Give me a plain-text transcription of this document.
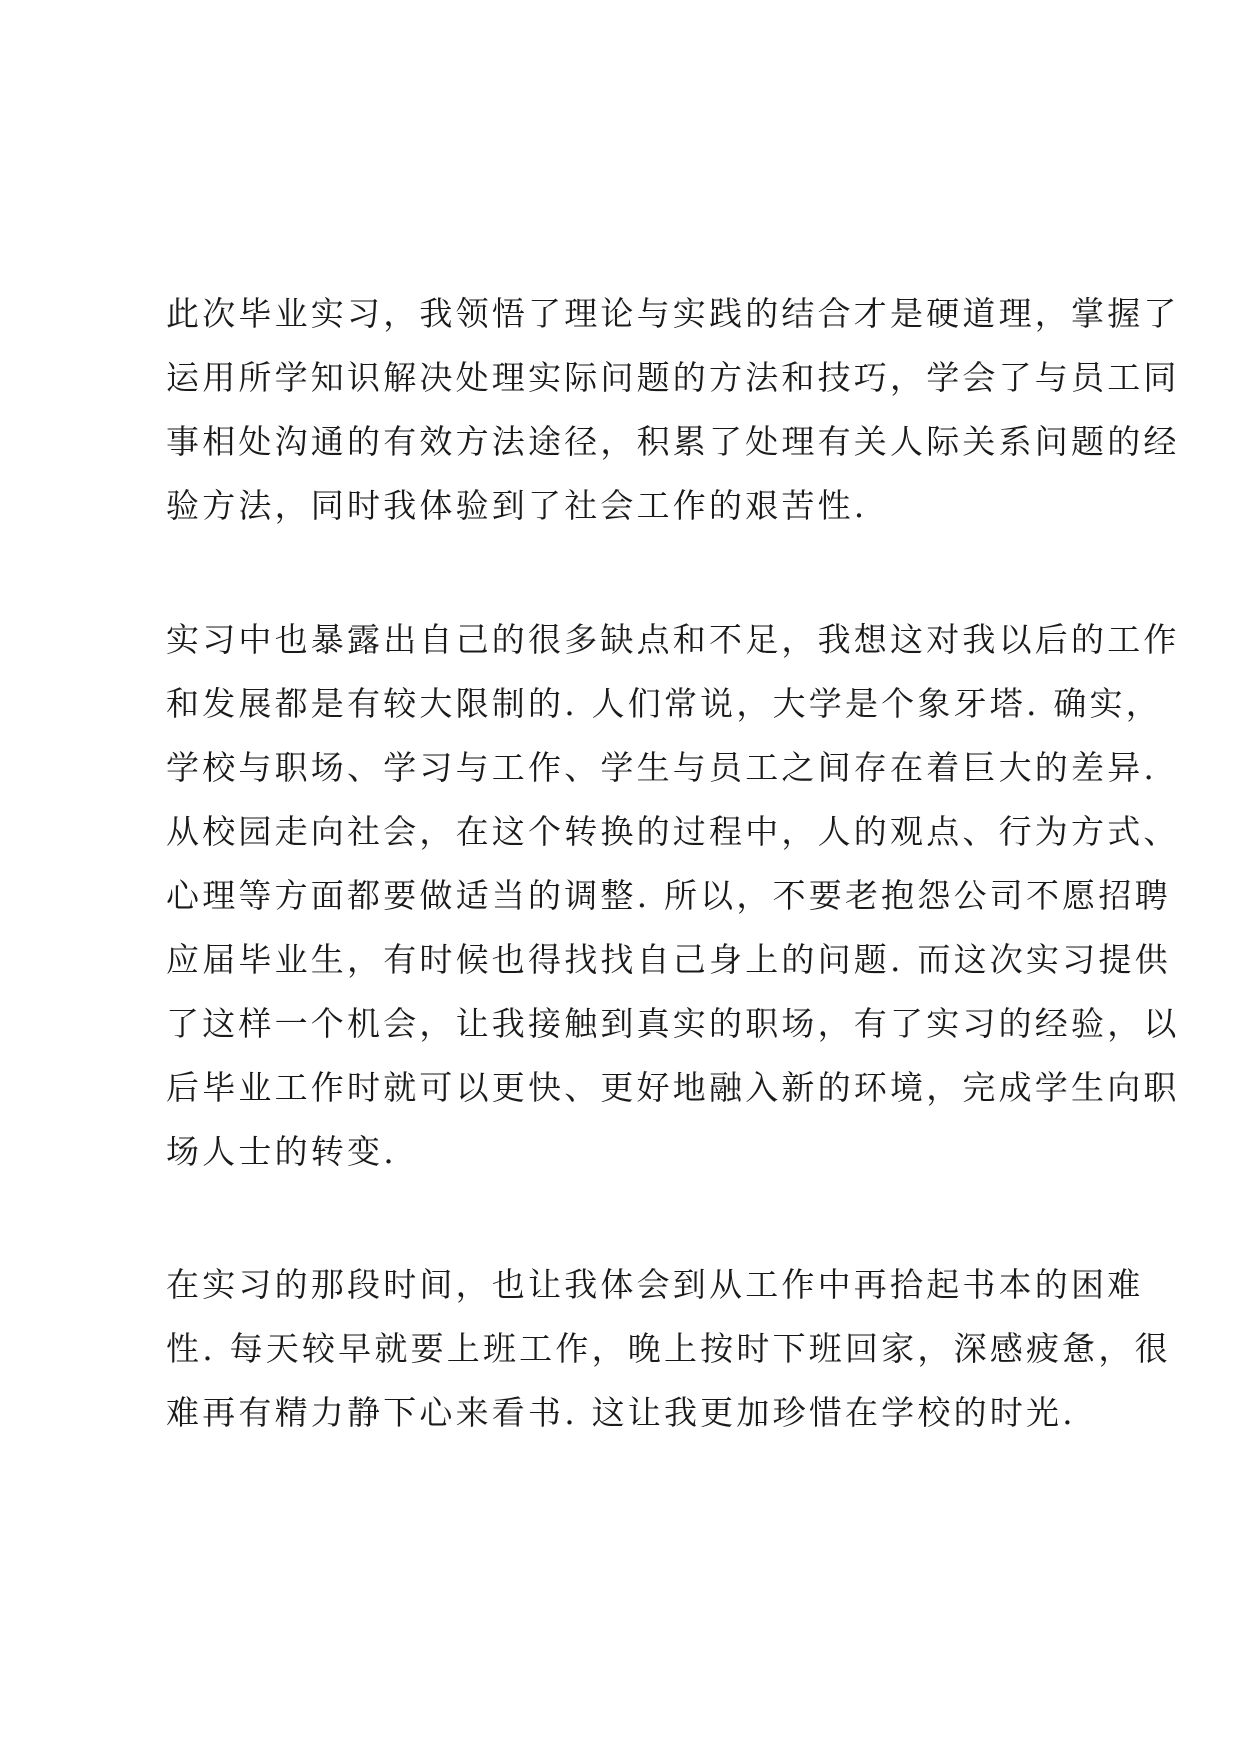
此次毕业实习，我领悟了理论与实践的结合才是硬道理，掌握了
运用所学知识解决处理实际问题的方法和技巧，学会了与员工同
事相处沟通的有效方法途径，积累了处理有关人际关系问题的经
验方法，同时我体验到了社会工作的艰苦性.
实习中也暴露出自己的很多缺点和不足，我想这对我以后的工作
和发展都是有较大限制的. 人们常说，大学是个象牙塔. 确实，
学校与职场、学习与工作、学生与员工之间存在着巨大的差异.
从校园走向社会，在这个转换的过程中，人的观点、行为方式、
心理等方面都要做适当的调整. 所以，不要老抱怨公司不愿招聘
应届毕业生，有时候也得找找自己身上的问题. 而这次实习提供
了这样一个机会，让我接触到真实的职场，有了实习的经验，以
后毕业工作时就可以更快、更好地融入新的环境，完成学生向职
场人士的转变.
在实习的那段时间，也让我体会到从工作中再拾起书本的困难
性. 每天较早就要上班工作，晚上按时下班回家，深感疲惫，很
难再有精力静下心来看书. 这让我更加珍惜在学校的时光.
